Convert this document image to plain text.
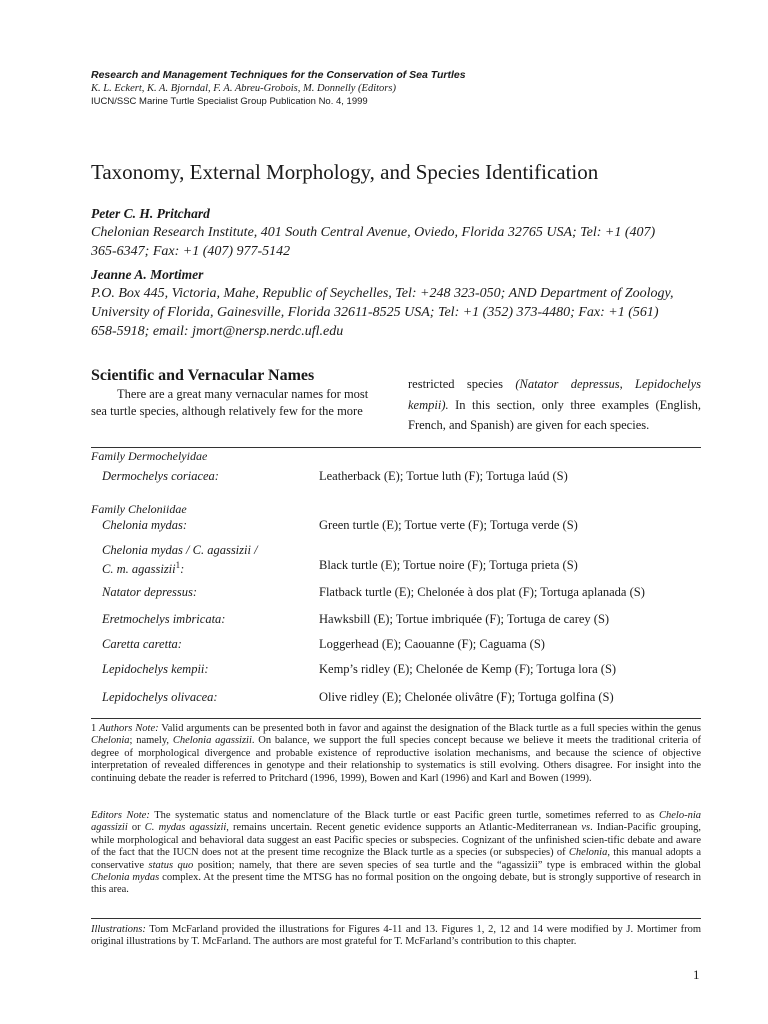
Research and Management Techniques for the Conservation of Sea Turtles
K. L. Eckert, K. A. Bjorndal, F. A. Abreu-Grobois, M. Donnelly (Editors)
IUCN/SSC Marine Turtle Specialist Group Publication No. 4, 1999
Taxonomy, External Morphology, and Species Identification
Peter C. H. Pritchard
Chelonian Research Institute, 401 South Central Avenue, Oviedo, Florida 32765 USA; Tel: +1 (407) 365-6347; Fax: +1 (407) 977-5142
Jeanne A. Mortimer
P.O. Box 445, Victoria, Mahe, Republic of Seychelles, Tel: +248 323-050; AND Department of Zoology, University of Florida, Gainesville, Florida 32611-8525 USA; Tel: +1 (352) 373-4480; Fax: +1 (561) 658-5918; email: jmort@nersp.nerdc.ufl.edu
Scientific and Vernacular Names

There are a great many vernacular names for most sea turtle species, although relatively few for the more

restricted species (Natator depressus, Lepidochelys kempii). In this section, only three examples (English, French, and Spanish) are given for each species.

Family Dermochelyidae
Dermochelys coriacea:	Leatherback (E); Tortue luth (F); Tortuga laúd (S)
Family Cheloniidae
Chelonia mydas:	Green turtle (E); Tortue verte (F); Tortuga verde (S)
Chelonia mydas / C. agassizii /
C. m. agassizii$^1$:	Black turtle (E); Tortue noire (F); Tortuga prieta (S)
Natator depressus:	Flatback turtle (E); Chelonée à dos plat (F); Tortuga aplanada (S)
Eretmochelys imbricata:	Hawksbill (E); Tortue imbriquée (F); Tortuga de carey (S)
Caretta caretta:	Loggerhead (E); Caouanne (F); Caguama (S)
Lepidochelys kempii:	Kemp’s ridley (E); Chelonée de Kemp (F); Tortuga lora (S)
Lepidochelys olivacea:	Olive ridley (E); Chelonée olivâtre (F); Tortuga golfina (S)

1 Authors Note: Valid arguments can be presented both in favor and against the designation of the Black turtle as a full species within the genus Chelonia; namely, Chelonia agassizii. On balance, we support the full species concept because we believe it meets the traditional criteria of degree of morphological divergence and probable existence of reproductive isolation mechanisms, and because the science of objective interpretation of revealed differences in genotype and their relationship to systematics is still evolving. Others disagree. For insight into the continuing debate the reader is referred to Pritchard (1996, 1999), Bowen and Karl (1996) and Karl and Bowen (1999).

Editors Note: The systematic status and nomenclature of the Black turtle or east Pacific green turtle, sometimes referred to as Chelo-nia agassizii or C. mydas agassizii, remains uncertain. Recent genetic evidence supports an Atlantic-Mediterranean vs. Indian-Pacific grouping, while morphological and behavioral data suggest an east Pacific species or subspecies. Cognizant of the unfinished scien-tific debate and aware of the fact that the IUCN does not at the present time recognize the Black turtle as a species (or subspecies) of Chelonia, this manual adopts a conservative status quo position; namely, that there are seven species of sea turtle and the “agassizii” type is embraced within the global Chelonia mydas complex. At the present time the MTSG has no formal position on the ongoing debate, but is strongly supportive of research in this area.

Illustrations: Tom McFarland provided the illustrations for Figures 4-11 and 13. Figures 1, 2, 12 and 14 were modified by J. Mortimer from original illustrations by T. McFarland. The authors are most grateful for T. McFarland’s contribution to this chapter.

1
